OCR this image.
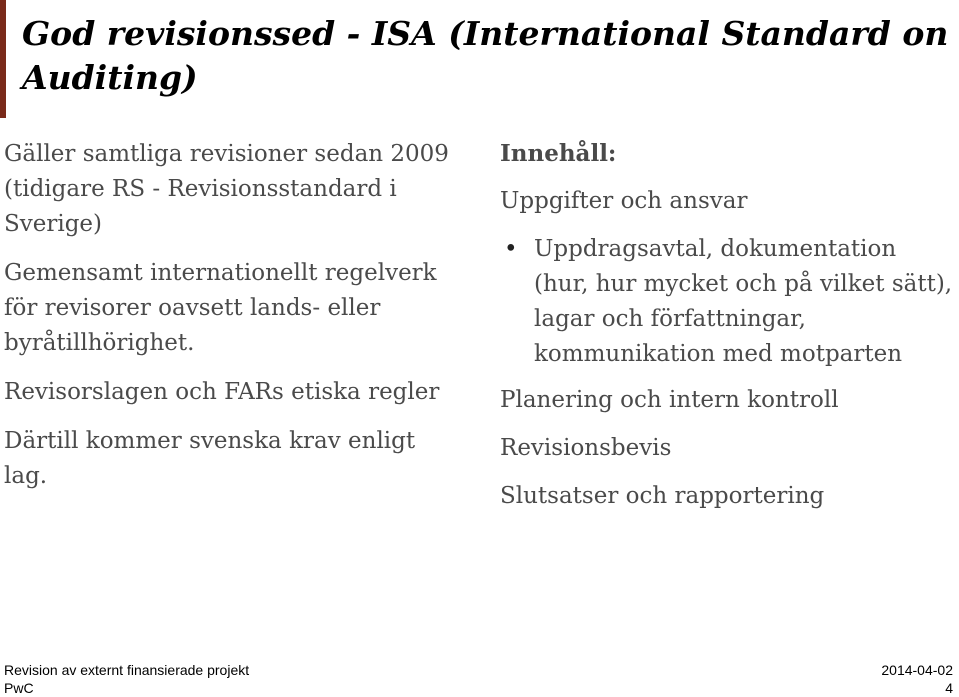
God revisionssed - ISA (International Standard on Auditing)

Gäller samtliga revisioner sedan 2009 (tidigare RS - Revisionsstandard i Sverige)

Gemensamt internationellt regelverk för revisorer oavsett lands- eller byråtillhörighet.

Revisorslagen och FARs etiska regler

Därtill kommer svenska krav enligt lag.

Innehåll:

Uppgifter och ansvar

• Uppdragsavtal, dokumentation (hur, hur mycket och på vilket sätt), lagar och författningar, kommunikation med motparten

Planering och intern kontroll

Revisionsbevis

Slutsatser och rapportering

Revision av externt finansierade projekt
PwC
2014-04-02
4
